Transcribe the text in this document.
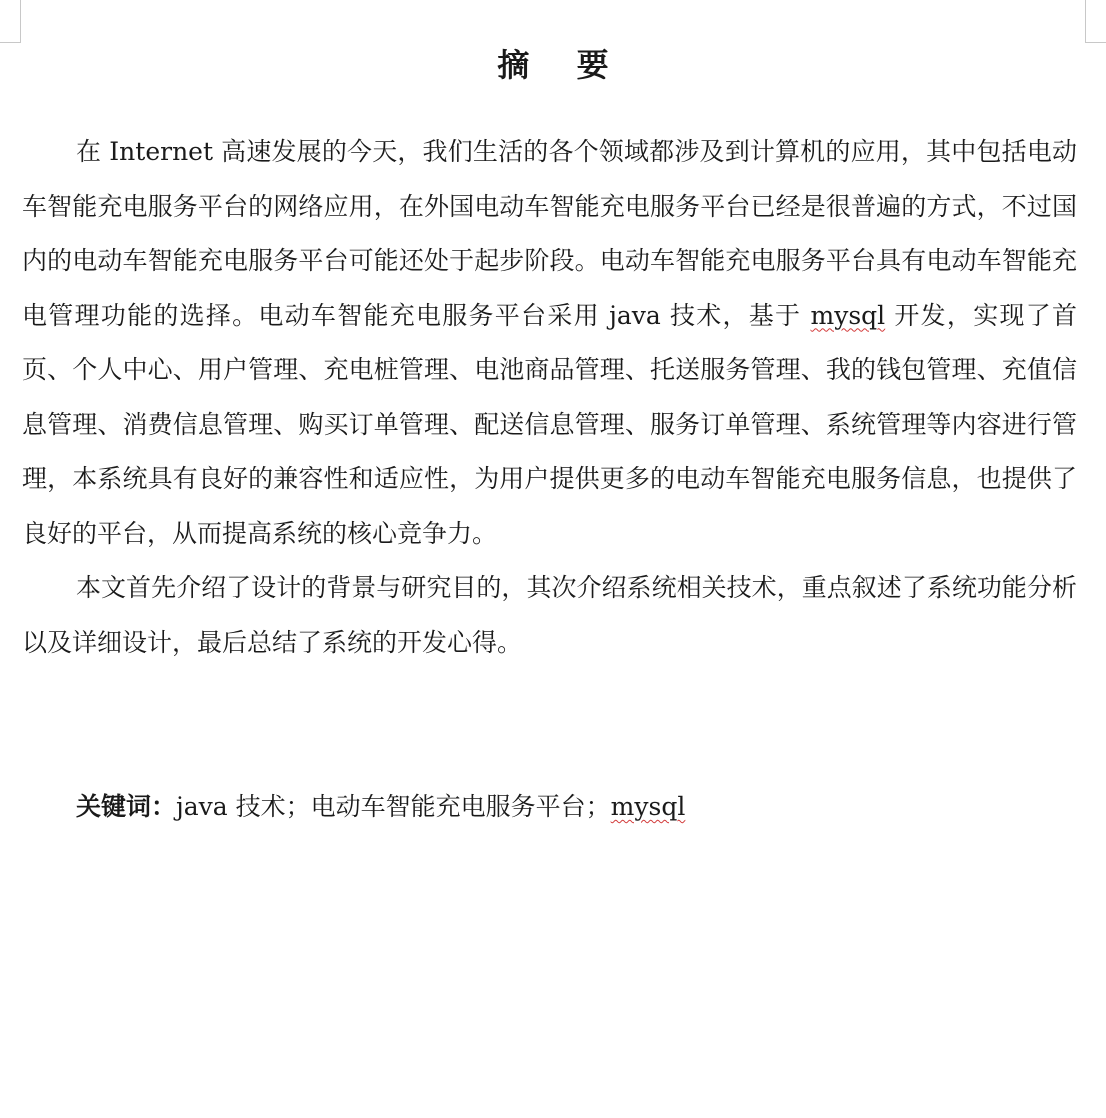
摘 要

在 Internet 高速发展的今天，我们生活的各个领域都涉及到计算机的应用，其中包括电动车智能充电服务平台的网络应用，在外国电动车智能充电服务平台已经是很普遍的方式，不过国内的电动车智能充电服务平台可能还处于起步阶段。电动车智能充电服务平台具有电动车智能充电管理功能的选择。电动车智能充电服务平台采用 java 技术，基于 mysql 开发，实现了首页、个人中心、用户管理、充电桩管理、电池商品管理、托送服务管理、我的钱包管理、充值信息管理、消费信息管理、购买订单管理、配送信息管理、服务订单管理、系统管理等内容进行管理，本系统具有良好的兼容性和适应性，为用户提供更多的电动车智能充电服务信息，也提供了良好的平台，从而提高系统的核心竞争力。

本文首先介绍了设计的背景与研究目的，其次介绍系统相关技术，重点叙述了系统功能分析以及详细设计，最后总结了系统的开发心得。

关键词：java 技术；电动车智能充电服务平台；mysql
